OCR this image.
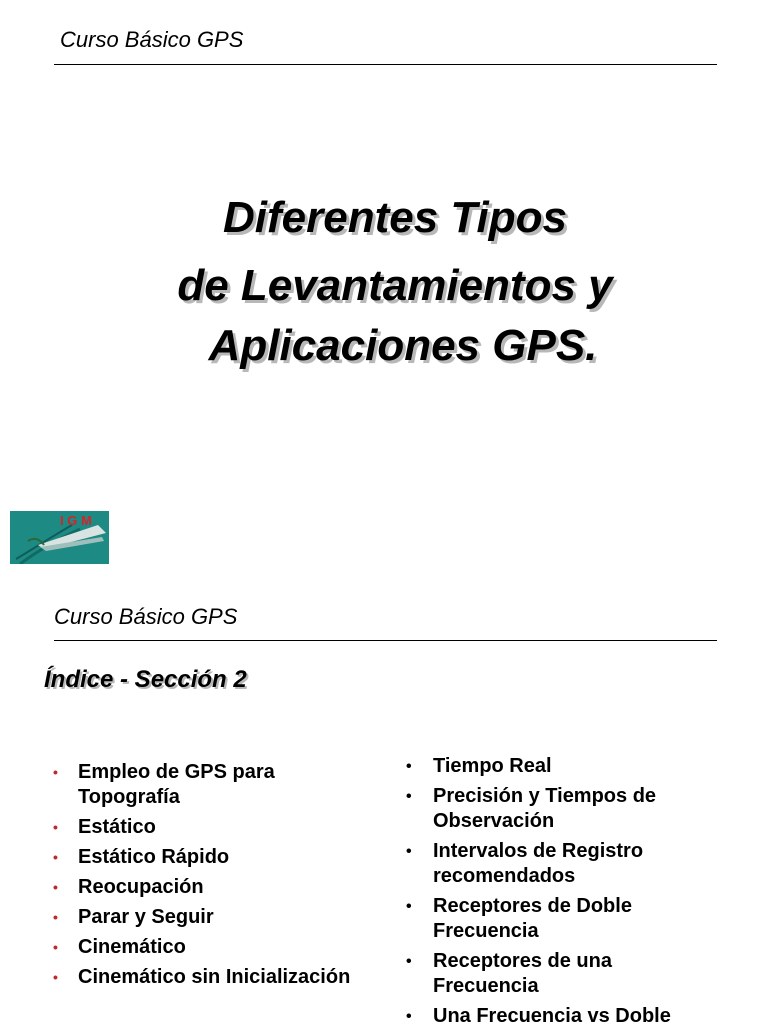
Curso Básico GPS
Diferentes Tipos
de Levantamientos y
Aplicaciones GPS.
I G M
Curso Básico GPS
Índice - Sección 2
• Empleo de GPS para Topografía
• Estático
• Estático Rápido
• Reocupación
• Parar y Seguir
• Cinemático
• Cinemático sin Inicialización
• Tiempo Real
• Precisión y Tiempos de Observación
• Intervalos de Registro recomendados
• Receptores de Doble Frecuencia
• Receptores de una Frecuencia
• Una Frecuencia vs Doble
